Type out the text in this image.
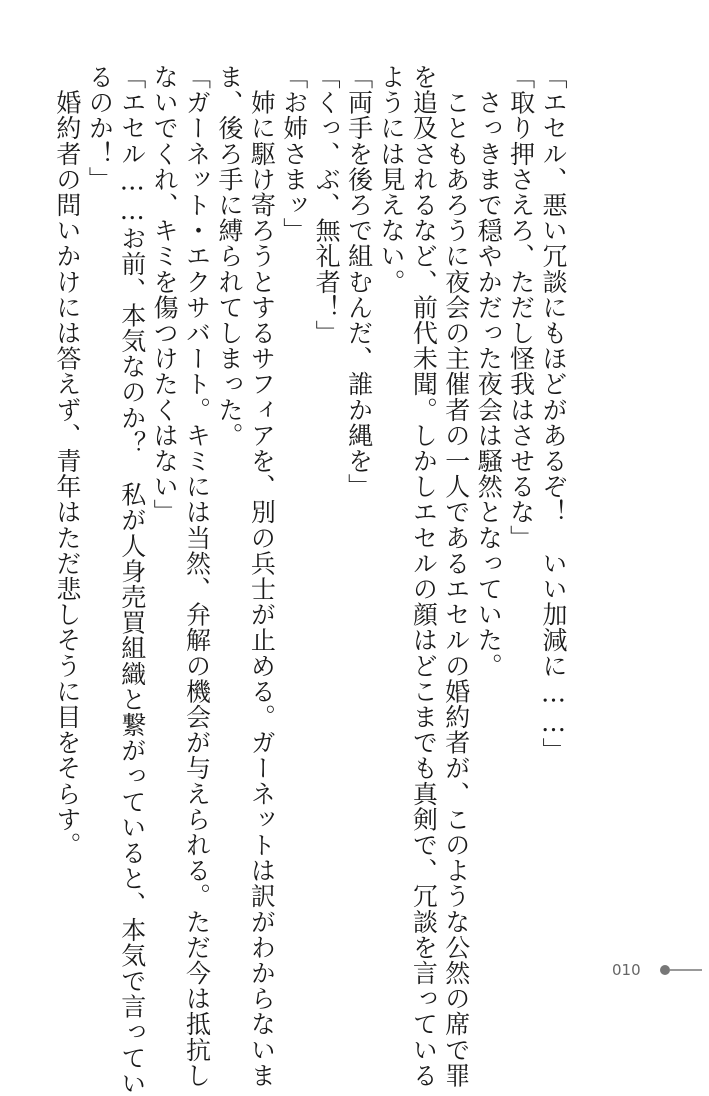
「エセル、悪い冗談にもほどがあるぞ！　いい加減に……」
「取り押さえろ、ただし怪我はさせるな」
　さっきまで穏やかだった夜会は騒然となっていた。
　こともあろうに夜会の主催者の一人であるエセルの婚約者が、このような公然の席で罪
を追及されるなど、前代未聞。しかしエセルの顔はどこまでも真剣で、冗談を言っている
ようには見えない。
「両手を後ろで組むんだ、誰か縄を」
「くっ、ぶ、無礼者！」
「お姉さまッ」
　姉に駆け寄ろうとするサフィアを、別の兵士が止める。ガーネットは訳がわからないま
ま、後ろ手に縛られてしまった。
「ガーネット・エクサバート。キミには当然、弁解の機会が与えられる。ただ今は抵抗し
ないでくれ、キミを傷つけたくはない」
「エセル……お前、本気なのか？　私が人身売買組織と繋がっていると、本気で言ってい
るのか！」
　婚約者の問いかけには答えず、青年はただ悲しそうに目をそらす。
010
